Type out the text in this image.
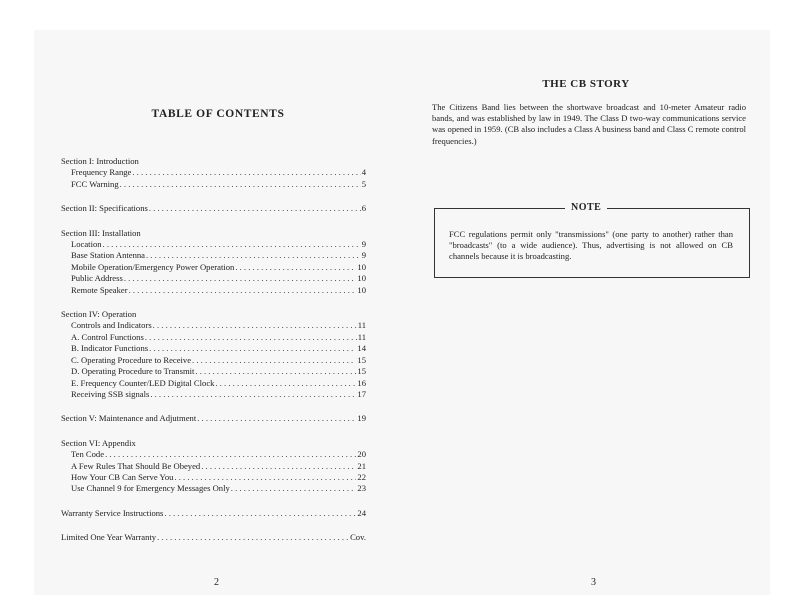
TABLE OF CONTENTS
Section I: Introduction
Frequency Range . . .	4
FCC Warning . . .	5
Section II: Specifications . . .	6
Section III: Installation
Location . . .	9
Base Station Antenna . . .	9
Mobile Operation/Emergency Power Operation . . .	10
Public Address . . .	10
Remote Speaker . . .	10
Section IV: Operation
Controls and Indicators . . .	11
A. Control Functions . . .	11
B. Indicator Functions . . .	14
C. Operating Procedure to Receive . . .	15
D. Operating Procedure to Transmit . . .	15
E. Frequency Counter/LED Digital Clock . . .	16
Receiving SSB signals . . .	17
Section V: Maintenance and Adjutment . . .	19
Section VI: Appendix
Ten Code . . .	20
A Few Rules That Should Be Obeyed . . .	21
How Your CB Can Serve You . . .	22
Use Channel 9 for Emergency Messages Only . . .	23
Warranty Service Instructions . . .	24
Limited One Year Warranty . . .	Cov.
2
THE CB STORY
The Citizens Band lies between the shortwave broadcast and 10-meter Amateur radio bands, and was established by law in 1949. The Class D two-way communications service was opened in 1959. (CB also includes a Class A business band and Class C remote control frequencies.)
NOTE
FCC regulations permit only "transmissions" (one party to another) rather than "broadcasts" (to a wide audience). Thus, advertising is not allowed on CB channels because it is broadcasting.
3
